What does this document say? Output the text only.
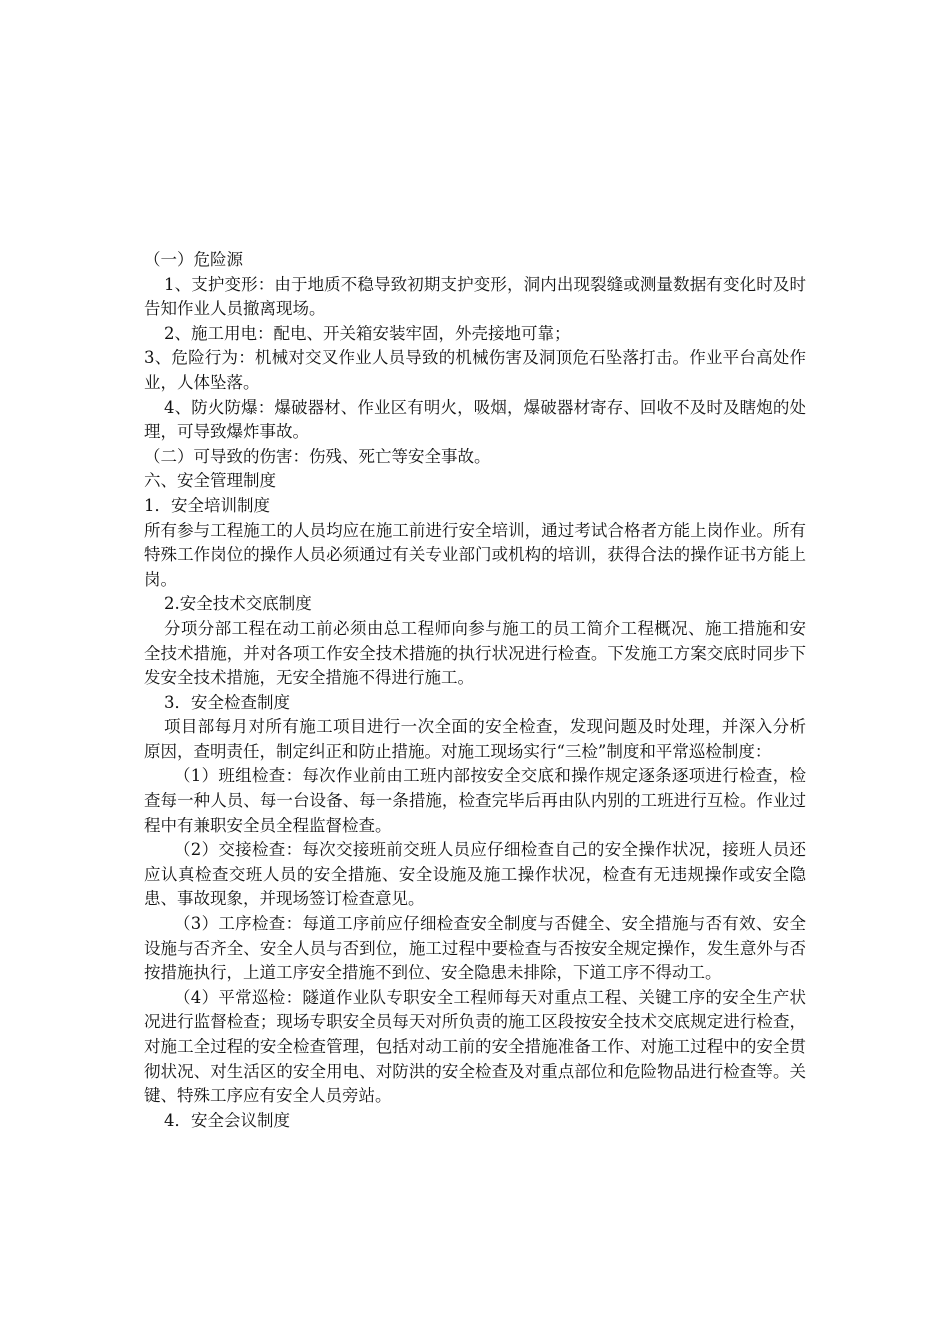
（一）危险源

1、支护变形：由于地质不稳导致初期支护变形，洞内出现裂缝或测量数据有变化时及时告知作业人员撤离现场。

2、施工用电：配电、开关箱安装牢固，外壳接地可靠；

3、危险行为：机械对交叉作业人员导致的机械伤害及洞顶危石坠落打击。作业平台高处作业，人体坠落。

4、防火防爆：爆破器材、作业区有明火，吸烟，爆破器材寄存、回收不及时及瞎炮的处理，可导致爆炸事故。

（二）可导致的伤害：伤残、死亡等安全事故。

六、安全管理制度

1．安全培训制度

所有参与工程施工的人员均应在施工前进行安全培训，通过考试合格者方能上岗作业。所有特殊工作岗位的操作人员必须通过有关专业部门或机构的培训，获得合法的操作证书方能上岗。

2.安全技术交底制度

分项分部工程在动工前必须由总工程师向参与施工的员工简介工程概况、施工措施和安全技术措施，并对各项工作安全技术措施的执行状况进行检查。下发施工方案交底时同步下发安全技术措施，无安全措施不得进行施工。

3．安全检查制度

项目部每月对所有施工项目进行一次全面的安全检查，发现问题及时处理，并深入分析原因，查明责任，制定纠正和防止措施。对施工现场实行“三检”制度和平常巡检制度：

（1）班组检查：每次作业前由工班内部按安全交底和操作规定逐条逐项进行检查，检查每一种人员、每一台设备、每一条措施，检查完毕后再由队内别的工班进行互检。作业过程中有兼职安全员全程监督检查。

（2）交接检查：每次交接班前交班人员应仔细检查自己的安全操作状况，接班人员还应认真检查交班人员的安全措施、安全设施及施工操作状况，检查有无违规操作或安全隐患、事故现象，并现场签订检查意见。

（3）工序检查：每道工序前应仔细检查安全制度与否健全、安全措施与否有效、安全设施与否齐全、安全人员与否到位，施工过程中要检查与否按安全规定操作，发生意外与否按措施执行，上道工序安全措施不到位、安全隐患未排除，下道工序不得动工。

（4）平常巡检：隧道作业队专职安全工程师每天对重点工程、关键工序的安全生产状况进行监督检查；现场专职安全员每天对所负责的施工区段按安全技术交底规定进行检查，对施工全过程的安全检查管理，包括对动工前的安全措施准备工作、对施工过程中的安全贯彻状况、对生活区的安全用电、对防洪的安全检查及对重点部位和危险物品进行检查等。关键、特殊工序应有安全人员旁站。

4．安全会议制度
